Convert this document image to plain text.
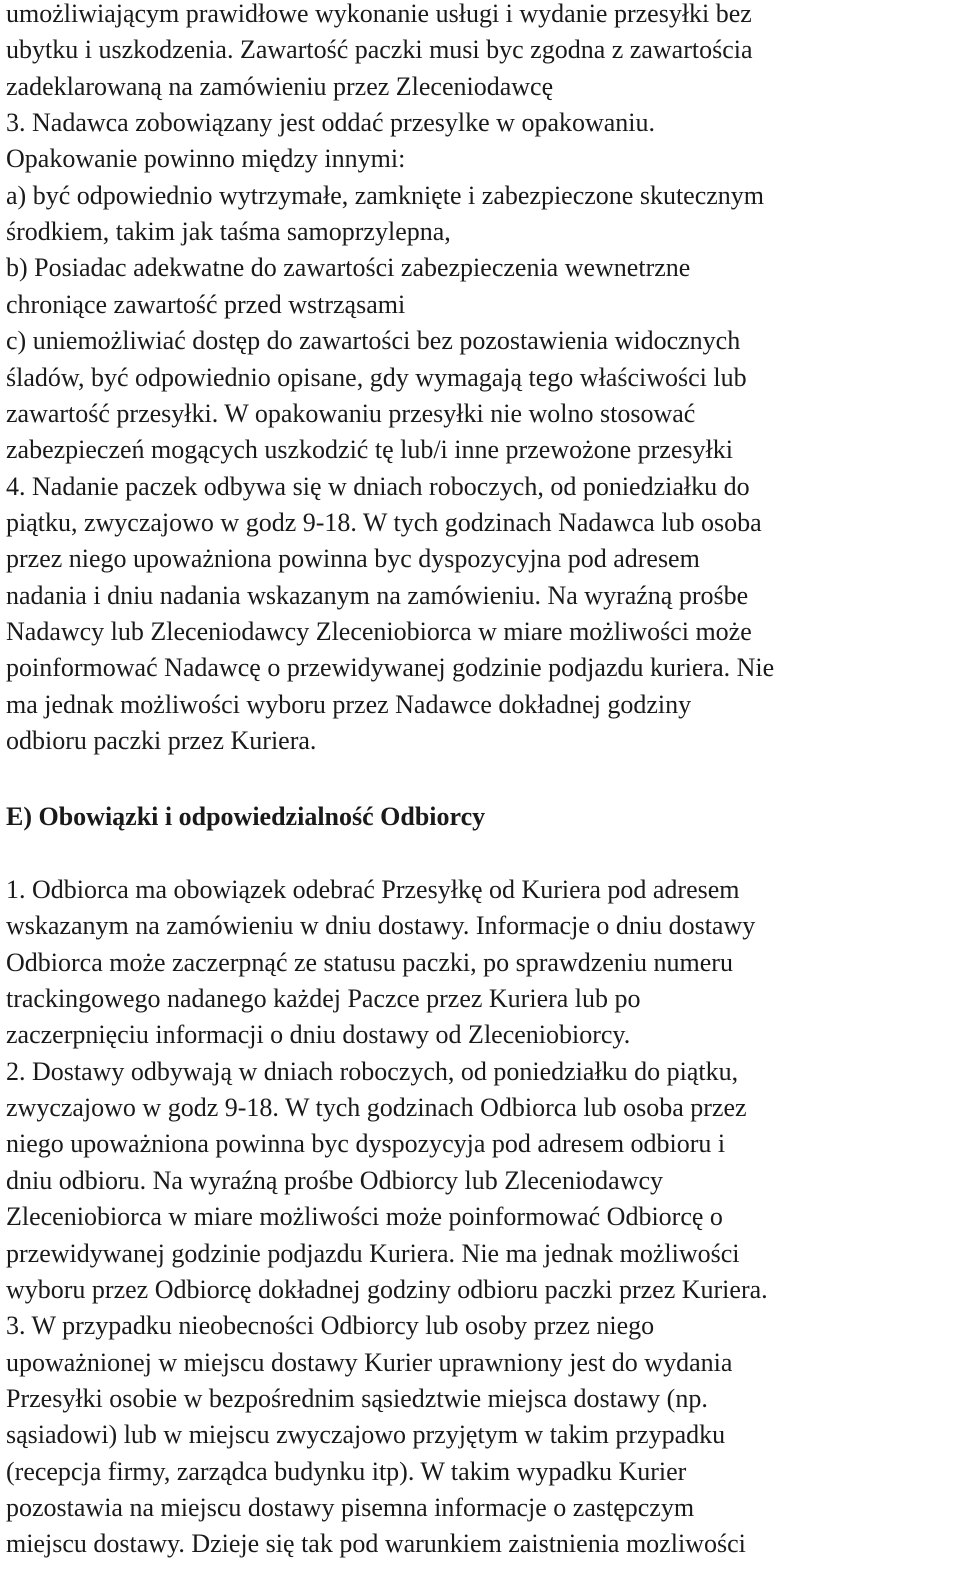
umożliwiającym prawidłowe wykonanie usługi i wydanie przesyłki bez
ubytku i uszkodzenia. Zawartość paczki musi byc zgodna z zawartościa
zadeklarowaną na zamówieniu przez Zleceniodawcę
3. Nadawca zobowiązany jest oddać przesylke w opakowaniu.
Opakowanie powinno między innymi:
a) być odpowiednio wytrzymałe, zamknięte i zabezpieczone skutecznym
środkiem, takim jak taśma samoprzylepna,
b) Posiadac adekwatne do zawartości zabezpieczenia wewnetrzne
chroniące zawartość przed wstrząsami
c) uniemożliwiać dostęp do zawartości bez pozostawienia widocznych
śladów, być odpowiednio opisane, gdy wymagają tego właściwości lub
zawartość przesyłki. W opakowaniu przesyłki nie wolno stosować
zabezpieczeń mogących uszkodzić tę lub/i inne przewożone przesyłki
4. Nadanie paczek odbywa się w dniach roboczych, od poniedziałku do
piątku, zwyczajowo w godz 9-18. W tych godzinach Nadawca lub osoba
przez niego upoważniona powinna byc dyspozycyjna pod adresem
nadania i dniu nadania wskazanym na zamówieniu. Na wyraźną prośbe
Nadawcy lub Zleceniodawcy Zleceniobiorca w miare możliwości może
poinformować Nadawcę o przewidywanej godzinie podjazdu kuriera. Nie
ma jednak możliwości wyboru przez Nadawce dokładnej godziny
odbioru paczki przez Kuriera.
E) Obowiązki i odpowiedzialność Odbiorcy
1. Odbiorca ma obowiązek odebrać Przesyłkę od Kuriera pod adresem
wskazanym na zamówieniu w dniu dostawy. Informacje o dniu dostawy
Odbiorca może zaczerpnąć ze statusu paczki, po sprawdzeniu numeru
trackingowego nadanego każdej Paczce przez Kuriera lub po
zaczerpnięciu informacji o dniu dostawy od Zleceniobiorcy.
2. Dostawy odbywają w dniach roboczych, od poniedziałku do piątku,
zwyczajowo w godz 9-18. W tych godzinach Odbiorca lub osoba przez
niego upoważniona powinna byc dyspozycyja pod adresem odbioru i
dniu odbioru. Na wyraźną prośbe Odbiorcy lub Zleceniodawcy
Zleceniobiorca w miare możliwości może poinformować Odbiorcę o
przewidywanej godzinie podjazdu Kuriera. Nie ma jednak możliwości
wyboru przez Odbiorcę dokładnej godziny odbioru paczki przez Kuriera.
3. W przypadku nieobecności Odbiorcy lub osoby przez niego
upoważnionej w miejscu dostawy Kurier uprawniony jest do wydania
Przesyłki osobie w bezpośrednim sąsiedztwie miejsca dostawy (np.
sąsiadowi) lub w miejscu zwyczajowo przyjętym w takim przypadku
(recepcja firmy, zarządca budynku itp). W takim wypadku Kurier
pozostawia na miejscu dostawy pisemna informacje o zastępczym
miejscu dostawy. Dzieje się tak pod warunkiem zaistnienia mozliwości
